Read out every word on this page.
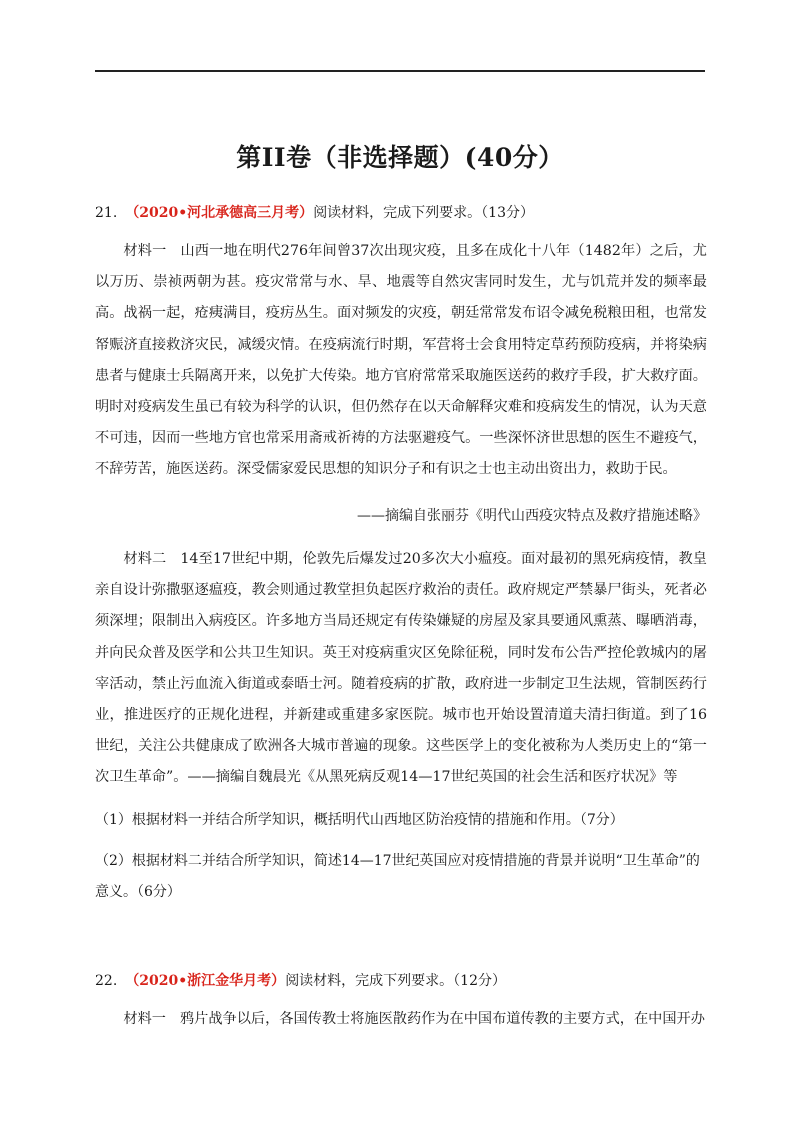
第II卷（非选择题）(40分）
21. （2020•河北承德高三月考）阅读材料，完成下列要求。（13分）
材料一 山西一地在明代276年间曾37次出现灾疫，且多在成化十八年（1482年）之后，尤以万历、崇祯两朝为甚。疫灾常常与水、旱、地震等自然灾害同时发生，尤与饥荒并发的频率最高。战祸一起，疮痍满目，疫疠丛生。面对频发的灾疫，朝廷常常发布诏令减免税粮田租，也常发帑赈济直接救济灾民，减缓灾情。在疫病流行时期，军营将士会食用特定草药预防疫病，并将染病患者与健康士兵隔离开来，以免扩大传染。地方官府常常采取施医送药的救疗手段，扩大救疗面。明时对疫病发生虽已有较为科学的认识，但仍然存在以天命解释灾难和疫病发生的情况，认为天意不可违，因而一些地方官也常采用斋戒祈祷的方法驱避疫气。一些深怀济世思想的医生不避疫气，不辞劳苦，施医送药。深受儒家爱民思想的知识分子和有识之士也主动出资出力，救助于民。
——摘编自张丽芬《明代山西疫灾特点及救疗措施述略》
材料二 14至17世纪中期，伦敦先后爆发过20多次大小瘟疫。面对最初的黑死病疫情，教皇亲自设计弥撒驱逐瘟疫，教会则通过教堂担负起医疗救治的责任。政府规定严禁暴尸街头，死者必须深埋；限制出入病疫区。许多地方当局还规定有传染嫌疑的房屋及家具要通风熏蒸、曝晒消毒，并向民众普及医学和公共卫生知识。英王对疫病重灾区免除征税，同时发布公告严控伦敦城内的屠宰活动，禁止污血流入街道或泰晤士河。随着疫病的扩散，政府进一步制定卫生法规，管制医药行业，推进医疗的正规化进程，并新建或重建多家医院。城市也开始设置清道夫清扫街道。到了16世纪，关注公共健康成了欧洲各大城市普遍的现象。这些医学上的变化被称为人类历史上的“第一次卫生革命”。——摘编自魏晨光《从黑死病反观14—17世纪英国的社会生活和医疗状况》等
（1）根据材料一并结合所学知识，概括明代山西地区防治疫情的措施和作用。（7分）
（2）根据材料二并结合所学知识，简述14—17世纪英国应对疫情措施的背景并说明“卫生革命”的意义。（6分）
22. （2020•浙江金华月考）阅读材料，完成下列要求。（12分）
材料一 鸦片战争以后，各国传教士将施医散药作为在中国布道传教的主要方式，在中国开办
